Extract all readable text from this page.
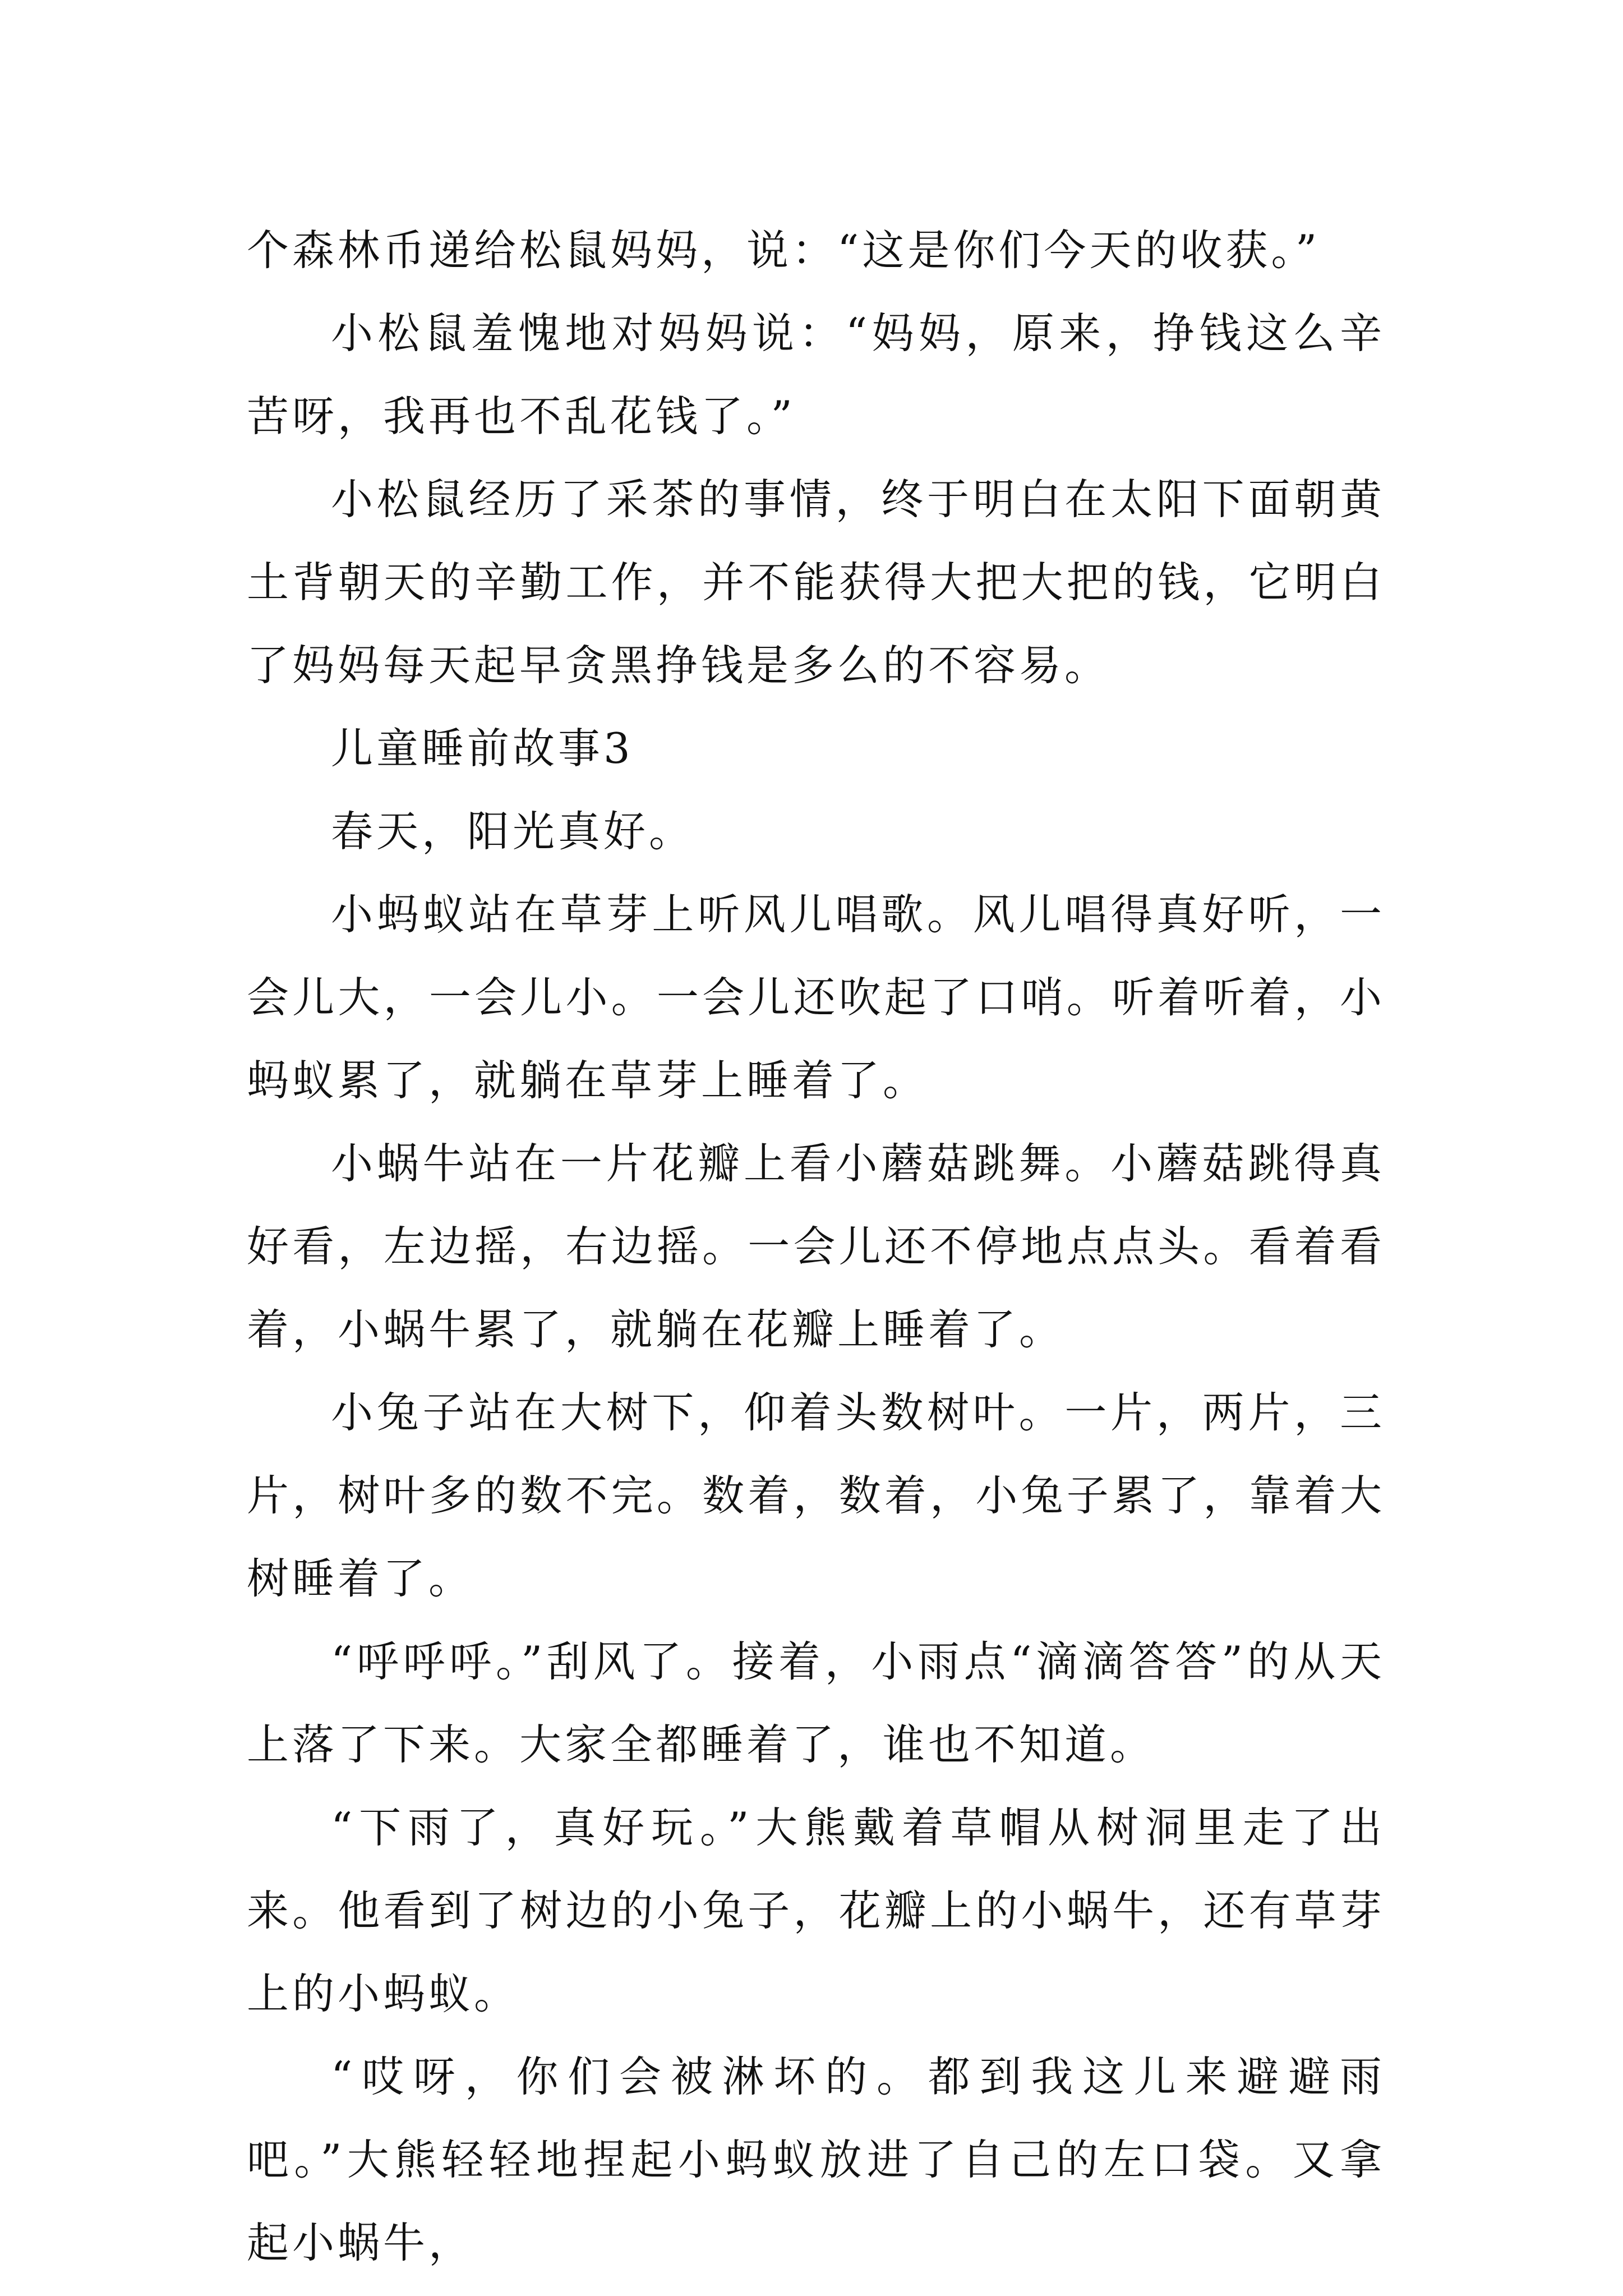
个森林币递给松鼠妈妈，说：“这是你们今天的收获。”

小松鼠羞愧地对妈妈说：“妈妈，原来，挣钱这么辛苦呀，我再也不乱花钱了。”

小松鼠经历了采茶的事情，终于明白在太阳下面朝黄土背朝天的辛勤工作，并不能获得大把大把的钱，它明白了妈妈每天起早贪黑挣钱是多么的不容易。

儿童睡前故事3

春天，阳光真好。

小蚂蚁站在草芽上听风儿唱歌。风儿唱得真好听，一会儿大，一会儿小。一会儿还吹起了口哨。听着听着，小蚂蚁累了，就躺在草芽上睡着了。

小蜗牛站在一片花瓣上看小蘑菇跳舞。小蘑菇跳得真好看，左边摇，右边摇。一会儿还不停地点点头。看着看着，小蜗牛累了，就躺在花瓣上睡着了。

小兔子站在大树下，仰着头数树叶。一片，两片，三片，树叶多的数不完。数着，数着，小兔子累了，靠着大树睡着了。

“呼呼呼。”刮风了。接着，小雨点“滴滴答答”的从天上落了下来。大家全都睡着了，谁也不知道。

“下雨了，真好玩。”大熊戴着草帽从树洞里走了出来。他看到了树边的小兔子，花瓣上的小蜗牛，还有草芽上的小蚂蚁。

“哎呀，你们会被淋坏的。都到我这儿来避避雨吧。”大熊轻轻地捏起小蚂蚁放进了自己的左口袋。又拿起小蜗牛，
